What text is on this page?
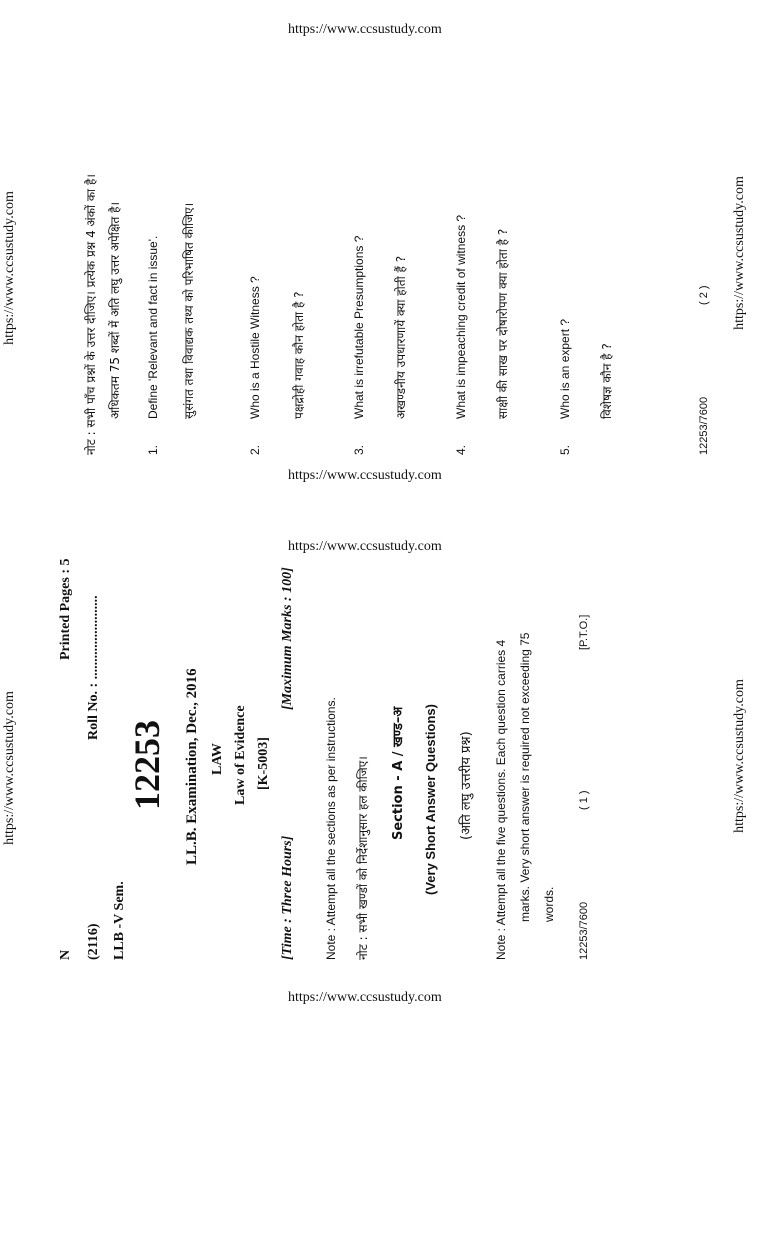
https://www.ccsustudy.com
https://www.ccsustudy.com
https://www.ccsustudy.com
https://www.ccsustudy.com
https://www.ccsustudy.com	https://www.ccsustudy.com
https://www.ccsustudy.com	https://www.ccsustudy.com
N
Printed Pages : 5
(2116)
Roll No. : ........................
LLB -V Sem.
12253 LL.B. Examination, Dec., 2016 LAW Law of Evidence [K-5003]
[Time : Three Hours]
[Maximum Marks : 100]
Note : Attempt all the sections as per instructions. नोट : सभी खण्डों को निर्देशानुसार हल कीजिए। Section - A / खण्ड–अ (Very Short Answer Questions) (अति लघु उत्तरीय प्रश्न) Note : Attempt all the five questions. Each question carries 4 marks. Very short answer is required not exceeding 75 words. 12253/7600
( 1 )
[P.T.O.]
नोट : सभी पाँच प्रश्नों के उत्तर दीजिए। प्रत्येक प्रश्न 4 अंकों का है। अधिकतम 75 शब्दों में अति लघु उत्तर अपेक्षित है।
1.
Define 'Relevant and fact in issue'. सुसंगत तथा विवाद्यक तथ्य को परिभाषित कीजिए।
2.
Who is a Hostile Witness ?	पक्षद्रोही गवाह कौन होता है ?
3.
What is irrefutable Presumptions ? अखण्डनीय उपधारणायें क्या होती हैं ?
4.
What is impeaching credit of witness ? साक्षी की साख पर दोषारोपण क्या होता है ?
5.
Who is an expert ? विशेषज्ञ कौन है ?
12253/7600
( 2 )
